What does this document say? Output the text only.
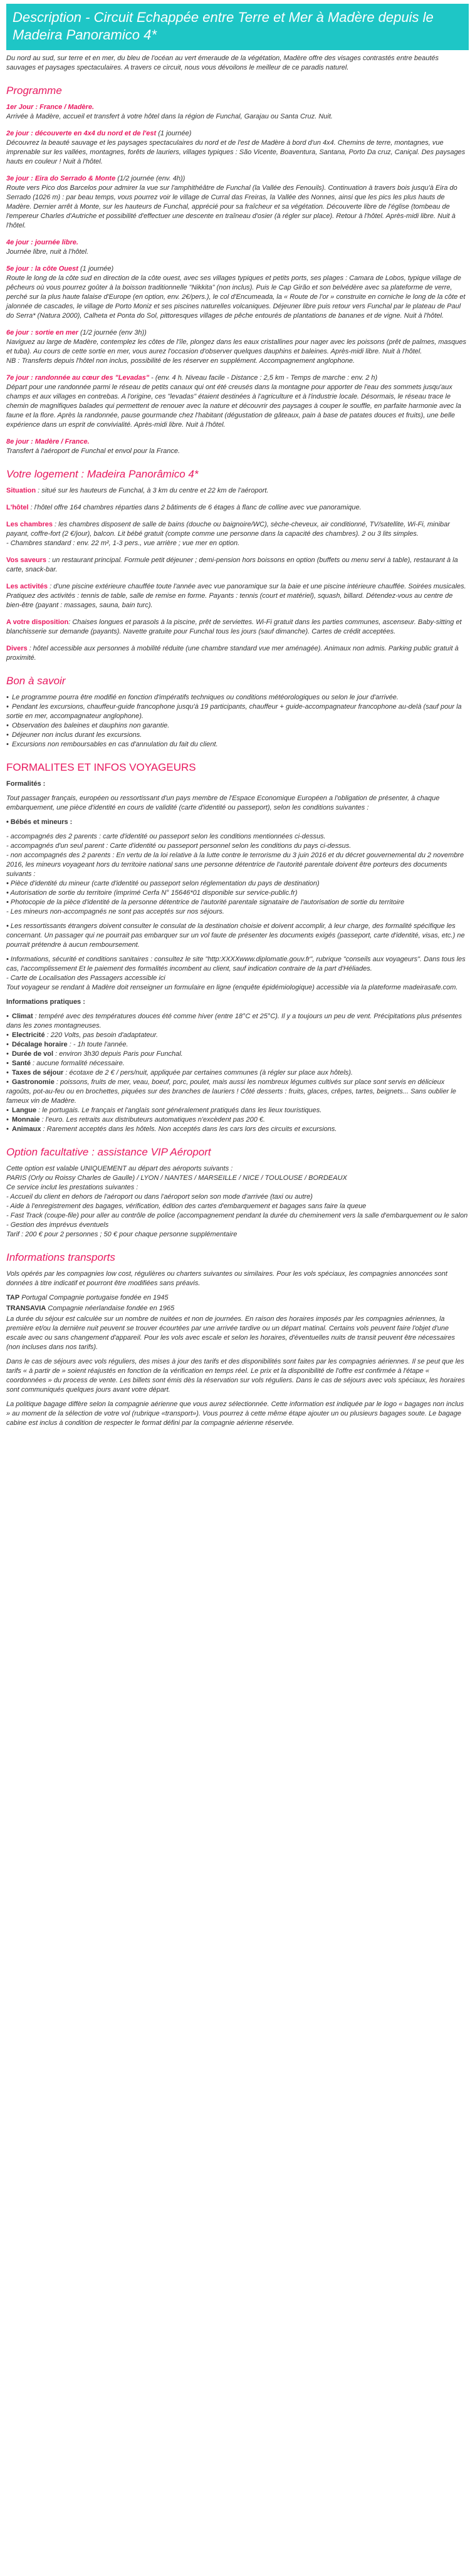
Description - Circuit Echappée entre Terre et Mer à Madère depuis le Madeira Panoramico 4*

Du nord au sud, sur terre et en mer, du bleu de l'océan au vert émeraude de la végétation, Madère offre des visages contrastés entre beautés sauvages et paysages spectaculaires. A travers ce circuit, nous vous dévoilons le meilleur de ce paradis naturel.

Programme

1er Jour : France / Madère.
Arrivée à Madère, accueil et transfert à votre hôtel dans la région de Funchal, Garajau ou Santa Cruz. Nuit.

2e jour : découverte en 4x4 du nord et de l'est (1 journée)
Découvrez la beauté sauvage et les paysages spectaculaires du nord et de l'est de Madère à bord d'un 4x4. Chemins de terre, montagnes, vue imprenable sur les vallées, montagnes, forêts de lauriers, villages typiques : São Vicente, Boaventura, Santana, Porto Da cruz, Caniçal. Des paysages hauts en couleur ! Nuit à l'hôtel.

3e jour : Eira do Serrado & Monte (1/2 journée (env. 4h))
Route vers Pico dos Barcelos pour admirer la vue sur l'amphithéâtre de Funchal (la Vallée des Fenouils). Continuation à travers bois jusqu'à Eira do Serrado (1026 m) : par beau temps, vous pourrez voir le village de Curral das Freiras, la Vallée des Nonnes, ainsi que les pics les plus hauts de Madère. Dernier arrêt à Monte, sur les hauteurs de Funchal, apprécié pour sa fraîcheur et sa végétation. Découverte libre de l'église (tombeau de l'empereur Charles d'Autriche et possibilité d'effectuer une descente en traîneau d'osier (à régler sur place). Retour à l'hôtel. Après-midi libre. Nuit à l'hôtel.

4e jour : journée libre.
Journée libre, nuit à l'hôtel.

5e jour : la côte Ouest (1 journée)
Route le long de la côte sud en direction de la côte ouest, avec ses villages typiques et petits ports, ses plages : Camara de Lobos, typique village de pêcheurs où vous pourrez goûter à la boisson traditionnelle "Nikkita" (non inclus). Puis le Cap Girão et son belvédère avec sa plateforme de verre, perché sur la plus haute falaise d'Europe (en option, env. 2€/pers.), le col d'Encumeada, la « Route de l'or » construite en corniche le long de la côte et jalonnée de cascades, le village de Porto Moniz et ses piscines naturelles volcaniques. Déjeuner libre puis retour vers Funchal par le plateau de Paul do Serra* (Natura 2000), Calheta et Ponta do Sol, pittoresques villages de pêche entourés de plantations de bananes et de vigne. Nuit à l'hôtel.

6e jour : sortie en mer (1/2 journée (env 3h))
Naviguez au large de Madère, contemplez les côtes de l'île, plongez dans les eaux cristallines pour nager avec les poissons (prêt de palmes, masques et tuba). Au cours de cette sortie en mer, vous aurez l'occasion d'observer quelques dauphins et baleines. Après-midi libre. Nuit à l'hôtel.
NB : Transferts depuis l'hôtel non inclus, possibilité de les réserver en supplément. Accompagnement anglophone.

7e jour : randonnée au cœur des "Levadas" - (env. 4 h. Niveau facile - Distance : 2,5 km - Temps de marche : env. 2 h)
Départ pour une randonnée parmi le réseau de petits canaux qui ont été creusés dans la montagne pour apporter de l'eau des sommets jusqu'aux champs et aux villages en contrebas. A l'origine, ces "levadas" étaient destinées à l'agriculture et à l'industrie locale. Désormais, le réseau trace le chemin de magnifiques balades qui permettent de renouer avec la nature et découvrir des paysages à couper le souffle, en parfaite harmonie avec la faune et la flore. Après la randonnée, pause gourmande chez l'habitant (dégustation de gâteaux, pain à base de patates douces et fruits), une belle expérience dans un esprit de convivialité. Après-midi libre. Nuit à l'hôtel.

8e jour : Madère / France.
Transfert à l'aéroport de Funchal et envol pour la France.

Votre logement : Madeira Panorâmico 4*

Situation : situé sur les hauteurs de Funchal, à 3 km du centre et 22 km de l'aéroport.

L'hôtel : l'hôtel offre 164 chambres réparties dans 2 bâtiments de 6 étages à flanc de colline avec vue panoramique.

Les chambres : les chambres disposent de salle de bains (douche ou baignoire/WC), sèche-cheveux, air conditionné, TV/satellite, Wi-Fi, minibar payant, coffre-fort (2 €/jour), balcon. Lit bébé gratuit (compte comme une personne dans la capacité des chambres). 2 ou 3 lits simples.
- Chambres standard : env. 22 m², 1-3 pers., vue arrière ; vue mer en option.

Vos saveurs : un restaurant principal. Formule petit déjeuner ; demi-pension hors boissons en option (buffets ou menu servi à table), restaurant à la carte, snack-bar.

Les activités : d'une piscine extérieure chauffée toute l'année avec vue panoramique sur la baie et une piscine intérieure chauffée. Soirées musicales.
Pratiquez des activités : tennis de table, salle de remise en forme. Payants : tennis (court et matériel), squash, billard. Détendez-vous au centre de bien-être (payant : massages, sauna, bain turc).

A votre disposition: Chaises longues et parasols à la piscine, prêt de serviettes. Wi-Fi gratuit dans les parties communes, ascenseur. Baby-sitting et blanchisserie sur demande (payants). Navette gratuite pour Funchal tous les jours (sauf dimanche). Cartes de crédit acceptées.

Divers : hôtel accessible aux personnes à mobilité réduite (une chambre standard vue mer aménagée). Animaux non admis. Parking public gratuit à proximité.

Bon à savoir
• Le programme pourra être modifié en fonction d'impératifs techniques ou conditions météorologiques ou selon le jour d'arrivée.
• Pendant les excursions, chauffeur-guide francophone jusqu'à 19 participants, chauffeur + guide-accompagnateur francophone au-delà (sauf pour la sortie en mer, accompagnateur anglophone).
• Observation des baleines et dauphins non garantie.
• Déjeuner non inclus durant les excursions.
• Excursions non remboursables en cas d'annulation du fait du client.
FORMALITES ET INFOS VOYAGEURS

Formalités :

Tout passager français, européen ou ressortissant d'un pays membre de l'Espace Economique Européen a l'obligation de présenter, à chaque embarquement, une pièce d'identité en cours de validité (carte d'identité ou passeport), selon les conditions suivantes :

• Bébés et mineurs :

- accompagnés des 2 parents : carte d'identité ou passeport selon les conditions mentionnées ci-dessus.
- accompagnés d'un seul parent : Carte d'identité ou passeport personnel selon les conditions du pays ci-dessus.
- non accompagnés des 2 parents : En vertu de la loi relative à la lutte contre le terrorisme du 3 juin 2016 et du décret gouvernemental du 2 novembre 2016, les mineurs voyageant hors du territoire national sans une personne détentrice de l'autorité parentale doivent être porteurs des documents suivants :
• Pièce d'identité du mineur (carte d'identité ou passeport selon réglementation du pays de destination)
• Autorisation de sortie du territoire (imprimé Cerfa N° 15646*01 disponible sur service-public.fr)
• Photocopie de la pièce d'identité de la personne détentrice de l'autorité parentale signataire de l'autorisation de sortie du territoire
- Les mineurs non-accompagnés ne sont pas acceptés sur nos séjours.

• Les ressortissants étrangers doivent consulter le consulat de la destination choisie et doivent accomplir, à leur charge, des formalité spécifique les concernant. Un passager qui ne pourrait pas embarquer sur un vol faute de présenter les documents exigés (passeport, carte d'identité, visas, etc.) ne pourrait prétendre à aucun remboursement.

• Informations, sécurité et conditions sanitaires : consultez le site "http:XXXXwww.diplomatie.gouv.fr", rubrique "conseils aux voyageurs". Dans tous les cas, l'accomplissement Et le paiement des formalités incombent au client, sauf indication contraire de la part d'Héliades.
- Carte de Localisation des Passagers accessible ici
Tout voyageur se rendant à Madère doit renseigner un formulaire en ligne (enquête épidémiologique) accessible via la plateforme madeirasafe.com.

Informations pratiques :

• Climat : tempéré avec des températures douces été comme hiver (entre 18°C et 25°C). Il y a toujours un peu de vent. Précipitations plus présentes dans les zones montagneuses.
• Electricité : 220 Volts, pas besoin d'adaptateur.
• Décalage horaire : - 1h toute l'année.
• Durée de vol : environ 3h30 depuis Paris pour Funchal.
• Santé : aucune formalité nécessaire.
• Taxes de séjour : écotaxe de 2 € / pers/nuit, appliquée par certaines communes (à régler sur place aux hôtels).
• Gastronomie : poissons, fruits de mer, veau, boeuf, porc, poulet, mais aussi les nombreux légumes cultivés sur place sont servis en délicieux ragoûts, pot-au-feu ou en brochettes, piquées sur des branches de lauriers ! Côté desserts : fruits, glaces, crêpes, tartes, beignets... Sans oublier le fameux vin de Madère.
• Langue : le portugais. Le français et l'anglais sont généralement pratiqués dans les lieux touristiques.
• Monnaie : l'euro. Les retraits aux distributeurs automatiques n'excèdent pas 200 €.
• Animaux : Rarement acceptés dans les hôtels. Non acceptés dans les cars lors des circuits et excursions.
Option facultative : assistance VIP Aéroport

Cette option est valable UNIQUEMENT au départ des aéroports suivants :
PARIS (Orly ou Roissy Charles de Gaulle) / LYON / NANTES / MARSEILLE / NICE / TOULOUSE / BORDEAUX
Ce service inclut les prestations suivantes :
- Accueil du client en dehors de l'aéroport ou dans l'aéroport selon son mode d'arrivée (taxi ou autre)
- Aide à l'enregistrement des bagages, vérification, édition des cartes d'embarquement et bagages sans faire la queue
- Fast Track (coupe-file) pour aller au contrôle de police (accompagnement pendant la durée du cheminement vers la salle d'embarquement ou le salon
- Gestion des imprévus éventuels
Tarif : 200 € pour 2 personnes ; 50 € pour chaque personne supplémentaire

Informations transports

Vols opérés par les compagnies low cost, régulières ou charters suivantes ou similaires. Pour les vols spéciaux, les compagnies annoncées sont données à titre indicatif et pourront être modifiées sans préavis.

TAP Portugal Compagnie portugaise fondée en 1945

TRANSAVIA Compagnie néerlandaise fondée en 1965

La durée du séjour est calculée sur un nombre de nuitées et non de journées. En raison des horaires imposés par les compagnies aériennes, la première et/ou la dernière nuit peuvent se trouver écourtées par une arrivée tardive ou un départ matinal. Certains vols peuvent faire l'objet d'une escale avec ou sans changement d'appareil. Pour les vols avec escale et selon les horaires, d'éventuelles nuits de transit peuvent être nécessaires (non incluses dans nos tarifs).

Dans le cas de séjours avec vols réguliers, des mises à jour des tarifs et des disponibilités sont faites par les compagnies aériennes. Il se peut que les tarifs « à partir de » soient réajustés en fonction de la vérification en temps réel. Le prix et la disponibilité de l'offre est confirmée à l'étape « coordonnées » du process de vente. Les billets sont émis dès la réservation sur vols réguliers. Dans le cas de séjours avec vols spéciaux, les horaires sont communiqués quelques jours avant votre départ.

La politique bagage diffère selon la compagnie aérienne que vous aurez sélectionnée. Cette information est indiquée par le logo « bagages non inclus » au moment de la sélection de votre vol (rubrique «transport»). Vous pourrez à cette même étape ajouter un ou plusieurs bagages soute. Le bagage cabine est inclus à condition de respecter le format défini par la compagnie aérienne réservée.
